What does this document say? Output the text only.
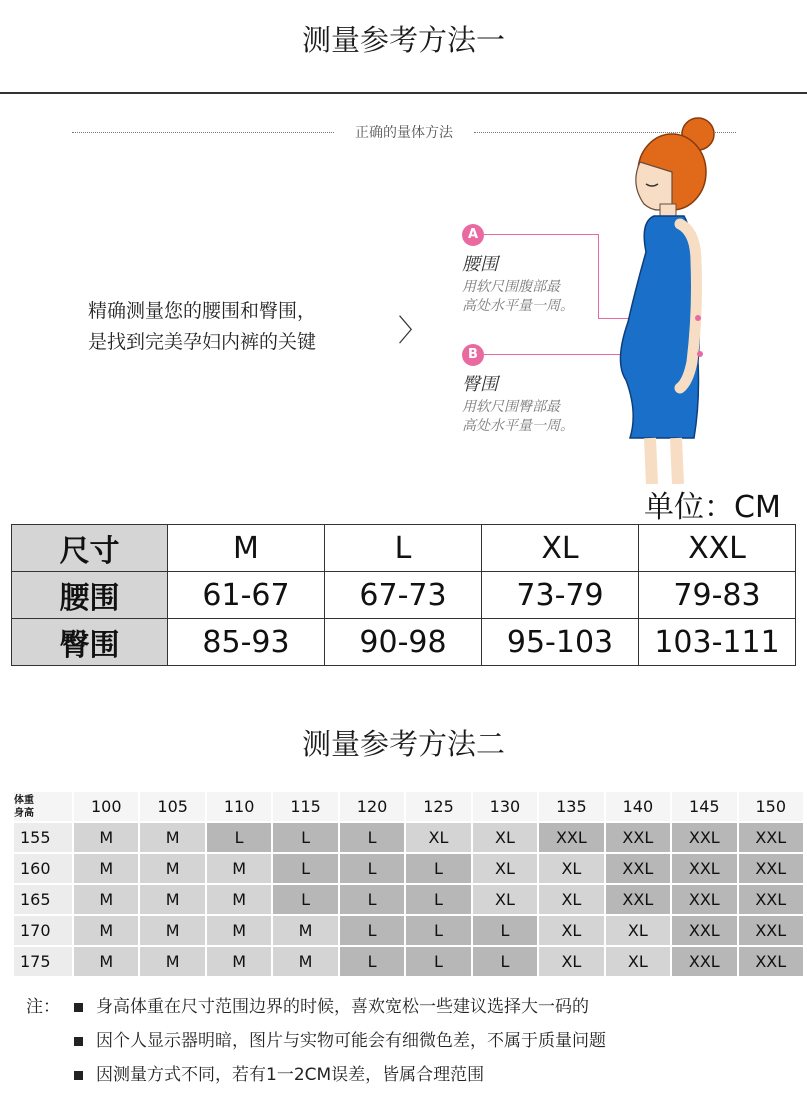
测量参考方法一
正确的量体方法
精确测量您的腰围和臀围，
是找到完美孕妇内裤的关键	〉
A
腰围
用软尺围腹部最
高处水平量一周。
B
臀围
用软尺围臀部最
高处水平量一周。
单位：CM
尺寸	M	L	XL	XXL
腰围	61-67	67-73	73-79	79-83
臀围	85-93	90-98	95-103	103-111
测量参考方法二
体重
身高	100	105	110	115	120	125	130	135	140	145	150
155	M	M	L	L	L	XL	XL	XXL	XXL	XXL	XXL
160	M	M	M	L	L	L	XL	XL	XXL	XXL	XXL
165	M	M	M	L	L	L	XL	XL	XXL	XXL	XXL
170	M	M	M	M	L	L	L	XL	XL	XXL	XXL
175	M	M	M	M	L	L	L	XL	XL	XXL	XXL
注：	身高体重在尺寸范围边界的时候，喜欢宽松一些建议选择大一码的
因个人显示器明暗，图片与实物可能会有细微色差，不属于质量问题
因测量方式不同，若有1一2CM误差，皆属合理范围
